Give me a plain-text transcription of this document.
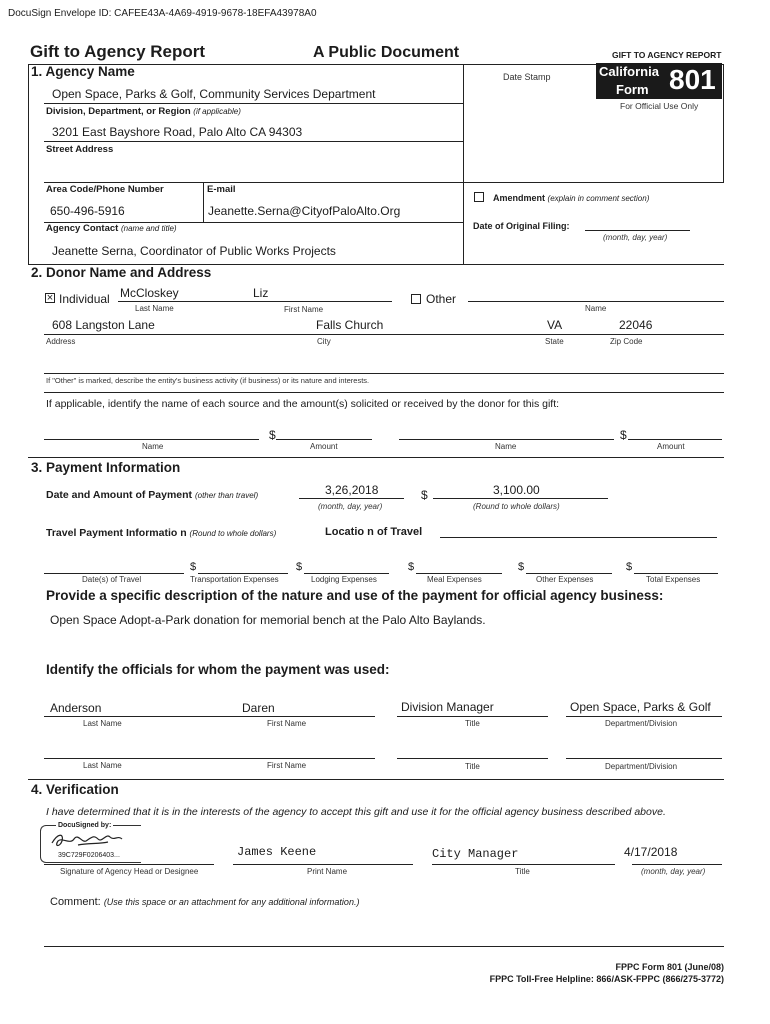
DocuSign Envelope ID: CAFEE43A-4A69-4919-9678-18EFA43978A0
Gift to Agency Report	A Public Document	GIFT TO AGENCY REPORT
1. Agency Name	Date Stamp	California
Form 801
For Official Use Only
Open Space, Parks & Golf, Community Services Department
Division, Department, or Region (if applicable)
3201 East Bayshore Road, Palo Alto CA 94303
Street Address
Area Code/Phone Number	E-mail
650-496-5916	Jeanette.Serna@CityofPaloAlto.Org
Agency Contact (name and title)
Jeanette Serna, Coordinator of Public Works Projects
Amendment (explain in comment section)
Date of Original Filing:
(month, day, year)
2. Donor Name and Address
× Individual McCloskey	Liz
Last Name	First Name
Other
Name
608 Langston Lane	Falls Church	VA	22046
Address	City	State	Zip Code
If "Other" is marked, describe the entity's business activity (if business) or its nature and interests.
If applicable, identify the name of each source and the amount(s) solicited or received by the donor for this gift:
Name
$
Amount	Name
$
Amount
3. Payment Information
Date and Amount of Payment (other than travel)	3,26,2018
(month, day, year)
$	3,100.00
(Round to whole dollars)
Travel Payment Informatio n (Round to whole dollars)	Locatio n of Travel
Date(s) of Travel
$
Transportation Expenses
$
Lodging Expenses
$
Meal Expenses
$
Other Expenses
$
Total Expenses
Provide a specific description of the nature and use of the payment for official agency business:
Open Space Adopt-a-Park donation for memorial bench at the Palo Alto Baylands.
Identify the officials for whom the payment was used:
Anderson	Daren	Division Manager	Open Space, Parks & Golf
Last Name	First Name	Title	Department/Division
Last Name	First Name	Title	Department/Division
4. Verification
I have determined that it is in the interests of the agency to accept this gift and use it for the official agency business described above.
DocuSigned by:
39C729F0206403...	James Keene	City Manager	4/17/2018
Signature of Agency Head or Designee	Print Name	Title	(month, day, year)
Comment: (Use this space or an attachment for any additional information.)
FPPC Form 801 (June/08)
FPPC Toll-Free Helpline: 866/ASK-FPPC (866/275-3772)
